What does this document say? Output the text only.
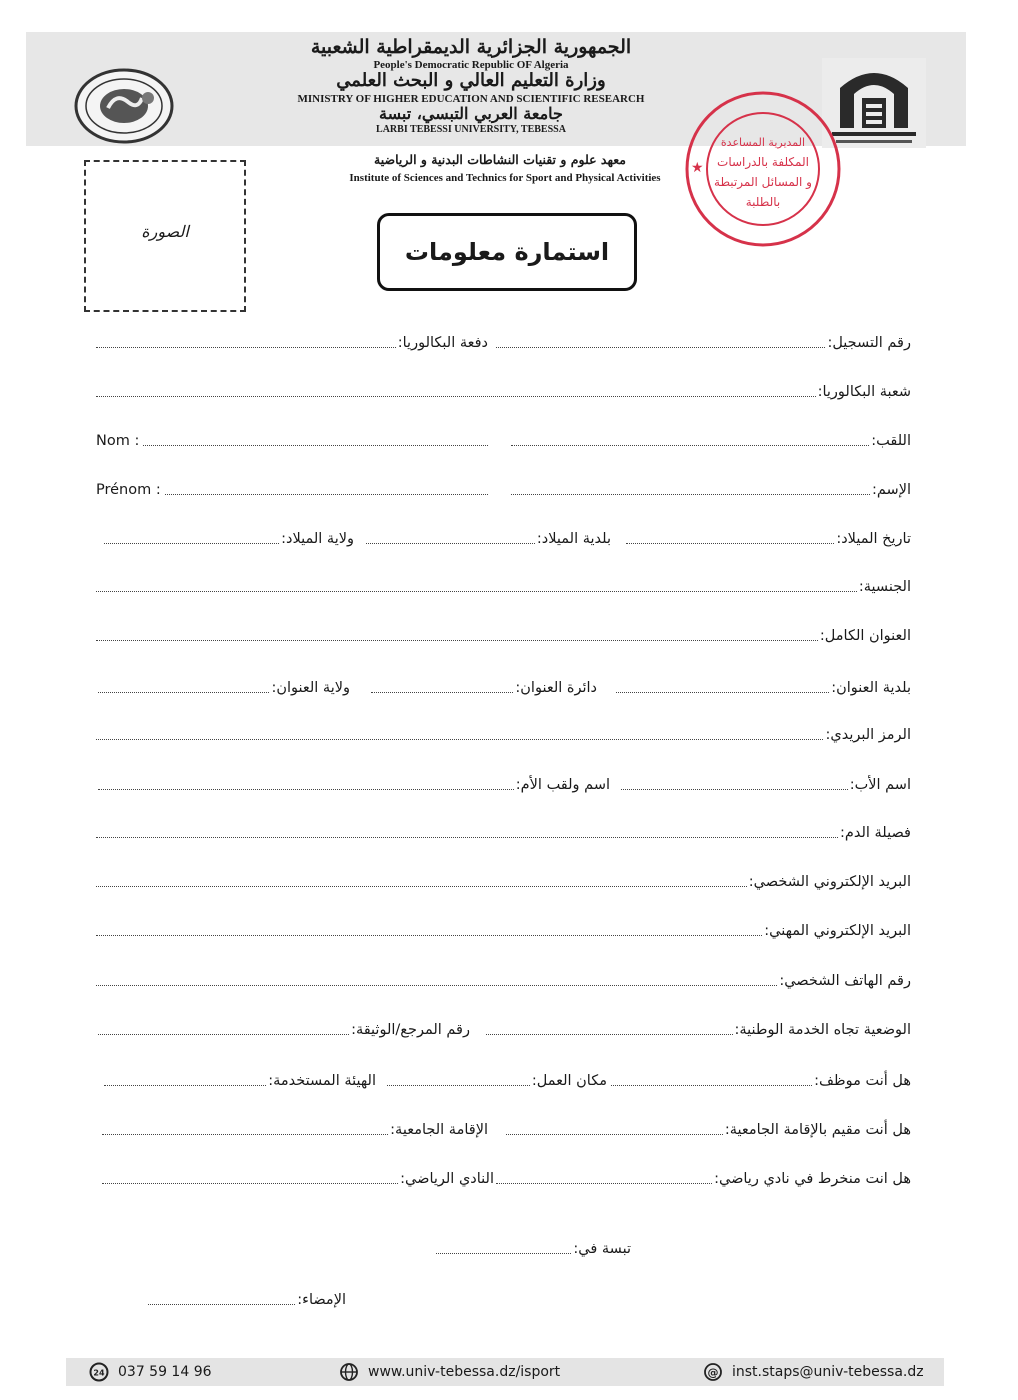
الجمهورية الجزائرية الديمقراطية الشعبية
People's Democratic Republic OF Algeria
وزارة التعليم العالي و البحث العلمي
MINISTRY OF HIGHER EDUCATION AND SCIENTIFIC RESEARCH
جامعة العربي التبسي، تبسة
LARBI TEBESSI UNIVERSITY, TEBESSA
المديرية المساعدة
المكلفة بالدراسات
و المسائل المرتبطة
بالطلبة
★
معهد علوم و تقنيات النشاطات البدنية و الرياضية
Institute of Sciences and Technics for Sport and Physical Activities
الصورة
استمارة معلومات
رقم التسجيل:
دفعة البكالوريا:
شعبة البكالوريا:
اللقب:
Nom :
الإسم:
Prénom :
تاريخ الميلاد:
بلدية الميلاد:
ولاية الميلاد:
الجنسية:
العنوان الكامل:
بلدية العنوان:
دائرة العنوان:
ولاية العنوان:
الرمز البريدي:
اسم الأب:
اسم ولقب الأم:
فصيلة الدم:
البريد الإلكتروني الشخصي:
البريد الإلكتروني المهني:
رقم الهاتف الشخصي:
الوضعية تجاه الخدمة الوطنية:
رقم المرجع/الوثيقة:
هل أنت موظف:
مكان العمل:
الهيئة المستخدمة:
هل أنت مقيم بالإقامة الجامعية:
الإقامة الجامعية:
هل انت منخرط في نادي رياضي:
النادي الرياضي:
تبسة في:
الإمضاء:
24 037 59 14 96	www.univ-tebessa.dz/isport	@ inst.staps@univ-tebessa.dz
